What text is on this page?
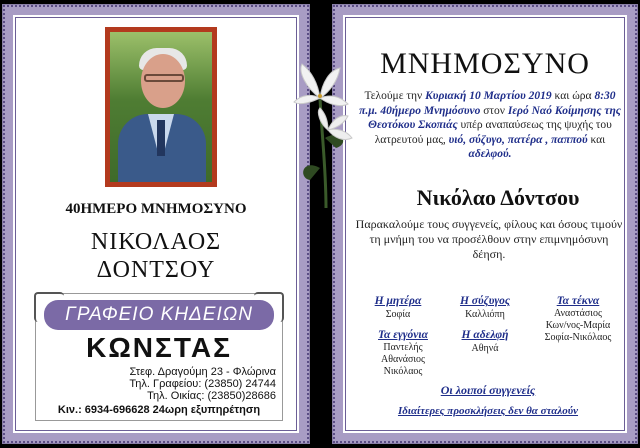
40ΗΜΕΡΟ ΜΝΗΜΟΣΥΝΟ
ΝΙΚΟΛΑΟΣ
ΔΟΝΤΣΟΥ
ΓΡΑΦΕΙΟ ΚΗΔΕΙΩΝ
ΚΩΝΣΤΑΣ
Στεφ. Δραγούμη 23 - Φλώρινα
Τηλ. Γραφείου: (23850) 24744
Τηλ. Οικίας: (23850)28686
Κιν.: 6934-696628 24ωρη εξυπηρέτηση
ΜΝΗΜΟΣΥΝΟ
Τελούμε την Κυριακή 10 Μαρτίου 2019 και ώρα 8:30 π.μ. 40ήμερο Μνημόσυνο στον Ιερό Ναό Κοίμησης της Θεοτόκου Σκοπιάς υπέρ αναπαύσεως της ψυχής του λατρευτού μας, υιό, σύζυγο, πατέρα , παππού και αδελφού.
Νικόλαο Δόντσου
Παρακαλούμε τους συγγενείς, φίλους και όσους τιμούν τη μνήμη του να προσέλθουν στην επιμνημόσυνη δέηση.
Η μητέρα
Σοφία
Η σύζυγος
Καλλιόπη
Τα τέκνα
Αναστάσιος
Κων/νος-Μαρία
Σοφία-Νικόλαος
Τα εγγόνια
Παντελής
Αθανάσιος
Νικόλαος
Η αδελφή
Αθηνά
Οι λοιποί συγγενείς
Ιδιαίτερες προσκλήσεις δεν θα σταλούν
